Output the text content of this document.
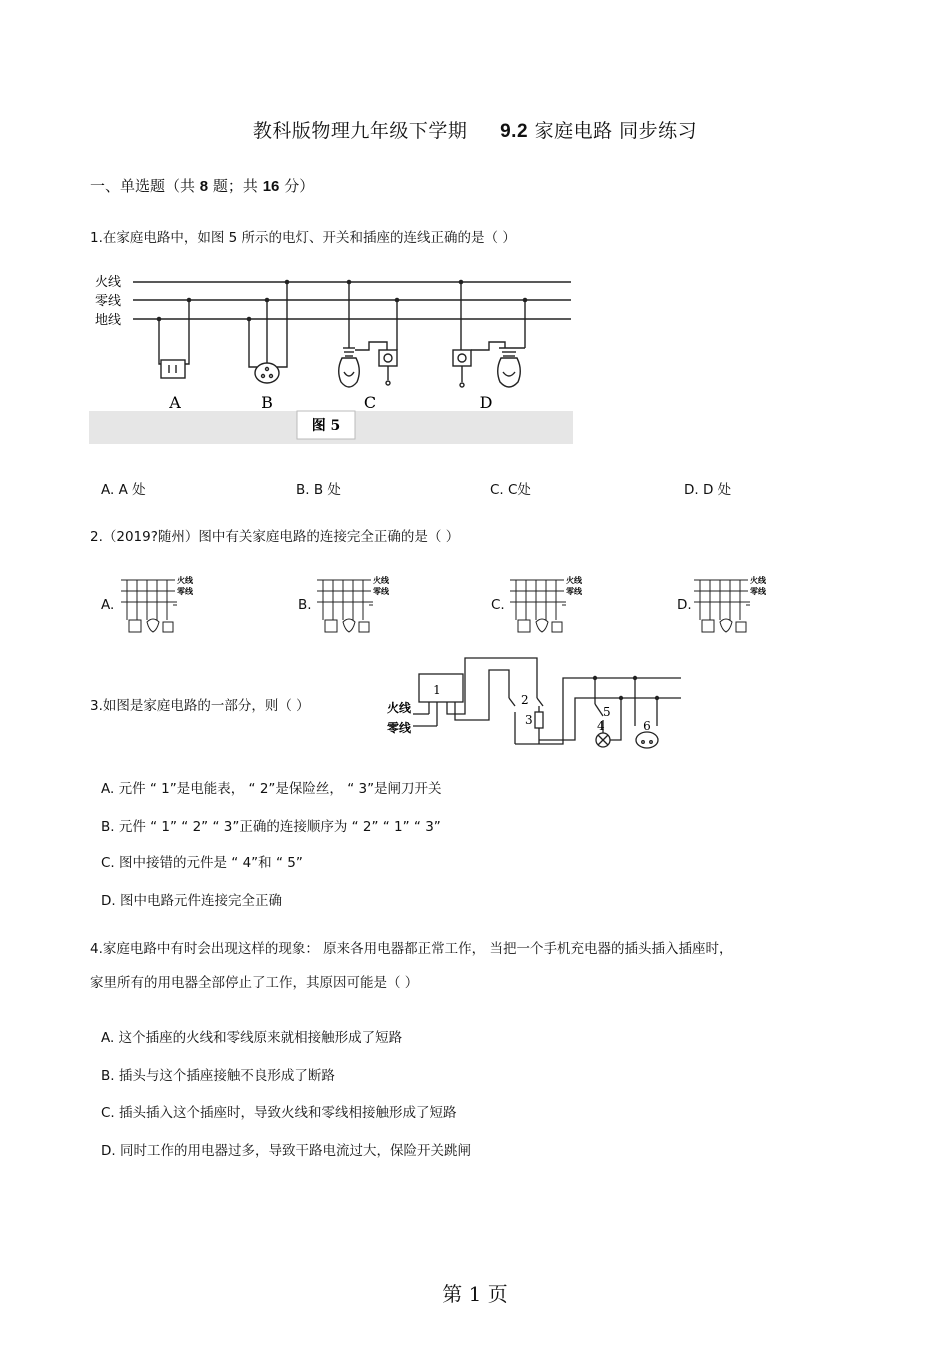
教科版物理九年级下学期 9.2 家庭电路 同步练习
一、单选题（共 8 题；共 16 分）
1.在家庭电路中，如图 5 所示的电灯、开关和插座的连线正确的是（ ）
图 5
火线
零线
地线
A	B	C	D
A. A 处	B. B 处	C. C处	D. D 处
2.（2019?随州）图中有关家庭电路的连接完全正确的是（ ）
A.	B.	C.	D.
火线
零线
火线
零线
火线
零线
火线
零线
3.如图是家庭电路的一部分，则（ ）	火线
零线
1
2
3	4
5
6
A. 元件 “ 1”是电能表， “ 2”是保险丝， “ 3”是闸刀开关
B. 元件 “ 1” “ 2” “ 3”正确的连接顺序为 “ 2” “ 1” “ 3”
C. 图中接错的元件是 “ 4”和 “ 5”
D. 图中电路元件连接完全正确
4.家庭电路中有时会出现这样的现象： 原来各用电器都正常工作， 当把一个手机充电器的插头插入插座时，
家里所有的用电器全部停止了工作，其原因可能是（ ）
A. 这个插座的火线和零线原来就相接触形成了短路
B. 插头与这个插座接触不良形成了断路
C. 插头插入这个插座时，导致火线和零线相接触形成了短路
D. 同时工作的用电器过多，导致干路电流过大，保险开关跳闸
第 1 页
